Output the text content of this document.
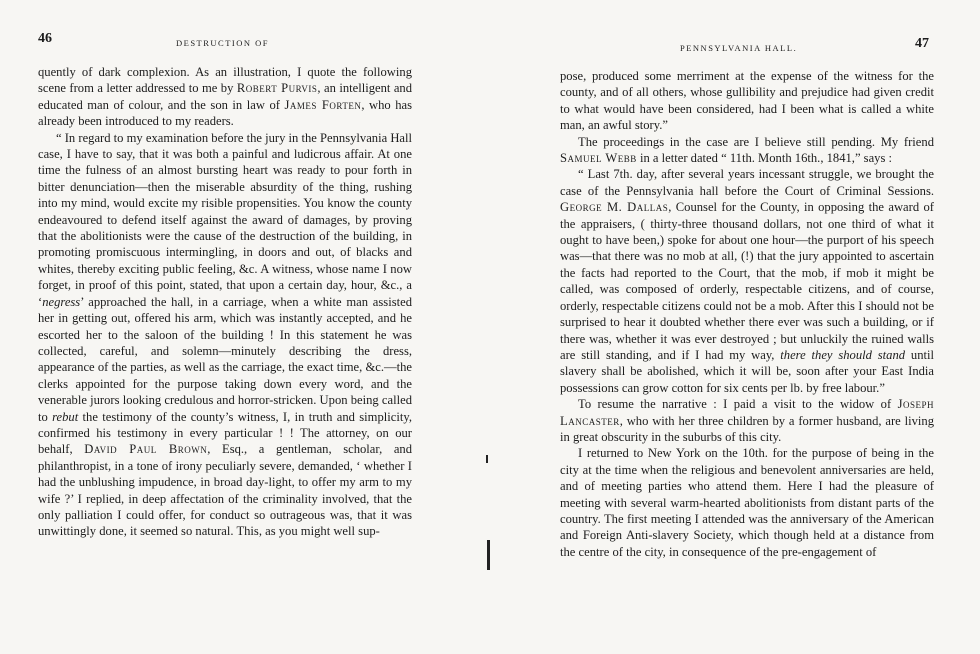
46	DESTRUCTION OF

quently of dark complexion. As an illustration, I quote the following scene from a letter addressed to me by Robert Purvis, an intelligent and educated man of colour, and the son in law of James Forten, who has already been introduced to my readers.

“ In regard to my examination before the jury in the Pennsylvania Hall case, I have to say, that it was both a painful and ludicrous affair. At one time the fulness of an almost bursting heart was ready to pour forth in bitter denunciation—then the miserable absurdity of the thing, rushing into my mind, would excite my risible propensities. You know the county endeavoured to defend itself against the award of damages, by proving that the abolitionists were the cause of the destruction of the building, in promoting promiscuous intermingling, in doors and out, of blacks and whites, thereby exciting public feeling, &c. A witness, whose name I now forget, in proof of this point, stated, that upon a certain day, hour, &c., a ‘negress’ approached the hall, in a carriage, when a white man assisted her in getting out, offered his arm, which was instantly accepted, and he escorted her to the saloon of the building ! In this statement he was collected, careful, and solemn—minutely describing the dress, appearance of the parties, as well as the carriage, the exact time, &c.—the clerks appointed for the purpose taking down every word, and the venerable jurors looking credulous and horror-stricken. Upon being called to rebut the testimony of the county’s witness, I, in truth and simplicity, confirmed his testimony in every particular ! ! The attorney, on our behalf, David Paul Brown, Esq., a gentleman, scholar, and philanthropist, in a tone of irony peculiarly severe, demanded, ‘ whether I had the unblushing impudence, in broad day-light, to offer my arm to my wife ?’ I replied, in deep affectation of the criminality involved, that the only palliation I could offer, for conduct so outrageous was, that it was unwittingly done, it seemed so natural. This, as you might well sup-

PENNSYLVANIA HALL.	47

pose, produced some merriment at the expense of the witness for the county, and of all others, whose gullibility and prejudice had given credit to what would have been considered, had I been what is called a white man, an awful story.”

The proceedings in the case are I believe still pending. My friend Samuel Webb in a letter dated “ 11th. Month 16th., 1841,” says :

“ Last 7th. day, after several years incessant struggle, we brought the case of the Pennsylvania hall before the Court of Criminal Sessions. George M. Dallas, Counsel for the County, in opposing the award of the appraisers, ( thirty-three thousand dollars, not one third of what it ought to have been,) spoke for about one hour—the purport of his speech was—that there was no mob at all, (!) that the jury appointed to ascertain the facts had reported to the Court, that the mob, if mob it might be called, was composed of orderly, respectable citizens, and of course, orderly, respectable citizens could not be a mob. After this I should not be surprised to hear it doubted whether there ever was such a building, or if there was, whether it was ever destroyed ; but unluckily the ruined walls are still standing, and if I had my way, there they should stand until slavery shall be abolished, which it will be, soon after your East India possessions can grow cotton for six cents per lb. by free labour.”

To resume the narrative : I paid a visit to the widow of Joseph Lancaster, who with her three children by a former husband, are living in great obscurity in the suburbs of this city.

I returned to New York on the 10th. for the purpose of being in the city at the time when the religious and benevolent anniversaries are held, and of meeting parties who attend them. Here I had the pleasure of meeting with several warm-hearted abolitionists from distant parts of the country. The first meeting I attended was the anniversary of the American and Foreign Anti-slavery Society, which though held at a distance from the centre of the city, in consequence of the pre-engagement of
